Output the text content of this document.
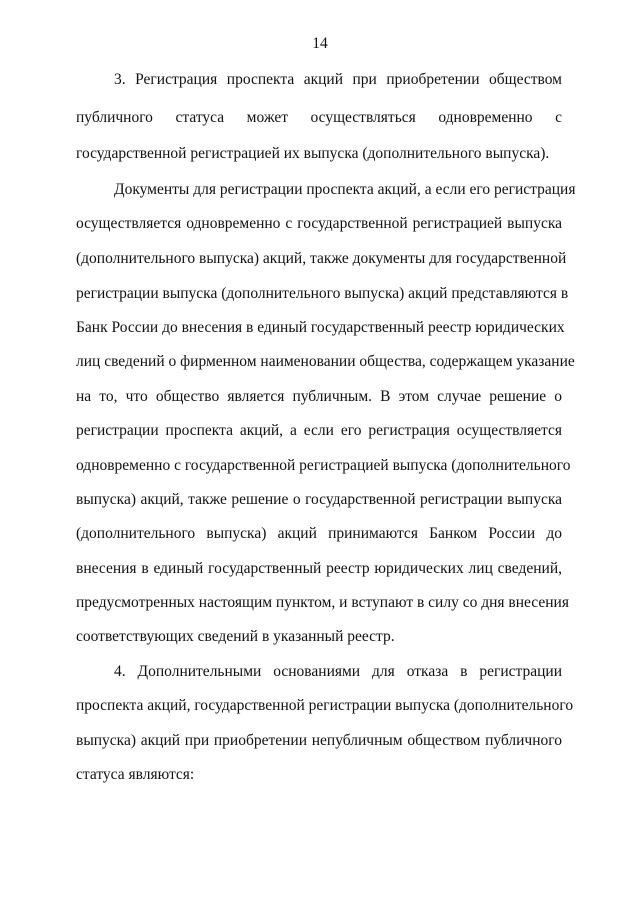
14
3. Регистрация проспекта акций при приобретении обществом
публичного статуса может осуществляться одновременно с
государственной регистрацией их выпуска (дополнительного выпуска).
Документы для регистрации проспекта акций, а если его регистрация
осуществляется одновременно с государственной регистрацией выпуска
(дополнительного выпуска) акций, также документы для государственной
регистрации выпуска (дополнительного выпуска) акций представляются в
Банк России до внесения в единый государственный реестр юридических
лиц сведений о фирменном наименовании общества, содержащем указание
на то, что общество является публичным. В этом случае решение о
регистрации проспекта акций, а если его регистрация осуществляется
одновременно с государственной регистрацией выпуска (дополнительного
выпуска) акций, также решение о государственной регистрации выпуска
(дополнительного выпуска) акций принимаются Банком России до
внесения в единый государственный реестр юридических лиц сведений,
предусмотренных настоящим пунктом, и вступают в силу со дня внесения
соответствующих сведений в указанный реестр.
4. Дополнительными основаниями для отказа в регистрации
проспекта акций, государственной регистрации выпуска (дополнительного
выпуска) акций при приобретении непубличным обществом публичного
статуса являются:
